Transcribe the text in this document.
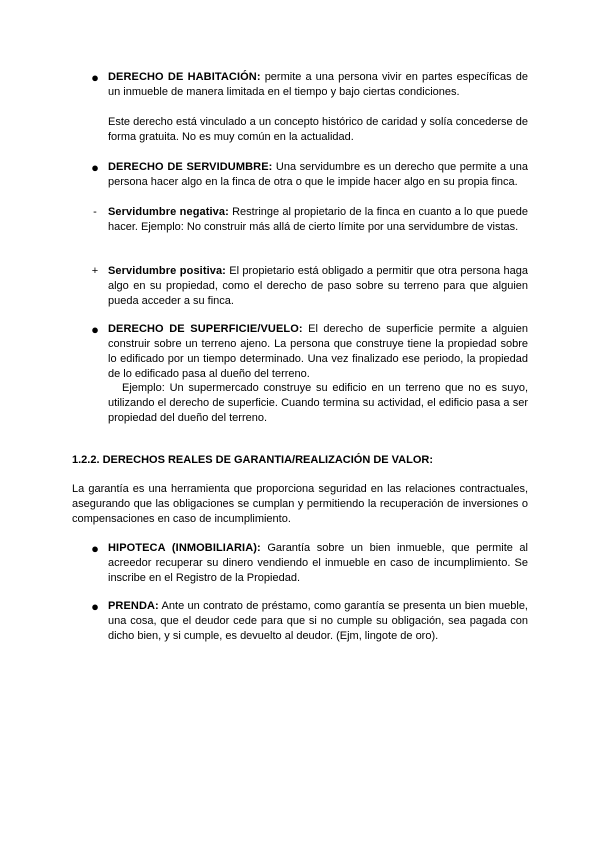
● DERECHO DE HABITACIÓN: permite a una persona vivir en partes específicas de un inmueble de manera limitada en el tiempo y bajo ciertas condiciones.

Este derecho está vinculado a un concepto histórico de caridad y solía concederse de forma gratuita. No es muy común en la actualidad.

● DERECHO DE SERVIDUMBRE: Una servidumbre es un derecho que permite a una persona hacer algo en la finca de otra o que le impide hacer algo en su propia finca.

-	Servidumbre negativa: Restringe al propietario de la finca en cuanto a lo que puede hacer. Ejemplo: No construir más allá de cierto límite por una servidumbre de vistas.

+ Servidumbre positiva: El propietario está obligado a permitir que otra persona haga algo en su propiedad, como el derecho de paso sobre su terreno para que alguien pueda acceder a su finca.

● DERECHO DE SUPERFICIE/VUELO: El derecho de superficie permite a alguien construir sobre un terreno ajeno. La persona que construye tiene la propiedad sobre lo edificado por un tiempo determinado. Una vez finalizado ese periodo, la propiedad de lo edificado pasa al dueño del terreno.

Ejemplo: Un supermercado construye su edificio en un terreno que no es suyo, utilizando el derecho de superficie. Cuando termina su actividad, el edificio pasa a ser propiedad del dueño del terreno.

1.2.2. DERECHOS REALES DE GARANTIA/REALIZACIÓN DE VALOR:

La garantía es una herramienta que proporciona seguridad en las relaciones contractuales, asegurando que las obligaciones se cumplan y permitiendo la recuperación de inversiones o compensaciones en caso de incumplimiento.

● HIPOTECA (INMOBILIARIA): Garantía sobre un bien inmueble, que permite al acreedor recuperar su dinero vendiendo el inmueble en caso de incumplimiento. Se inscribe en el Registro de la Propiedad.

● PRENDA: Ante un contrato de préstamo, como garantía se presenta un bien mueble, una cosa, que el deudor cede para que si no cumple su obligación, sea pagada con dicho bien, y si cumple, es devuelto al deudor. (Ejm, lingote de oro).
